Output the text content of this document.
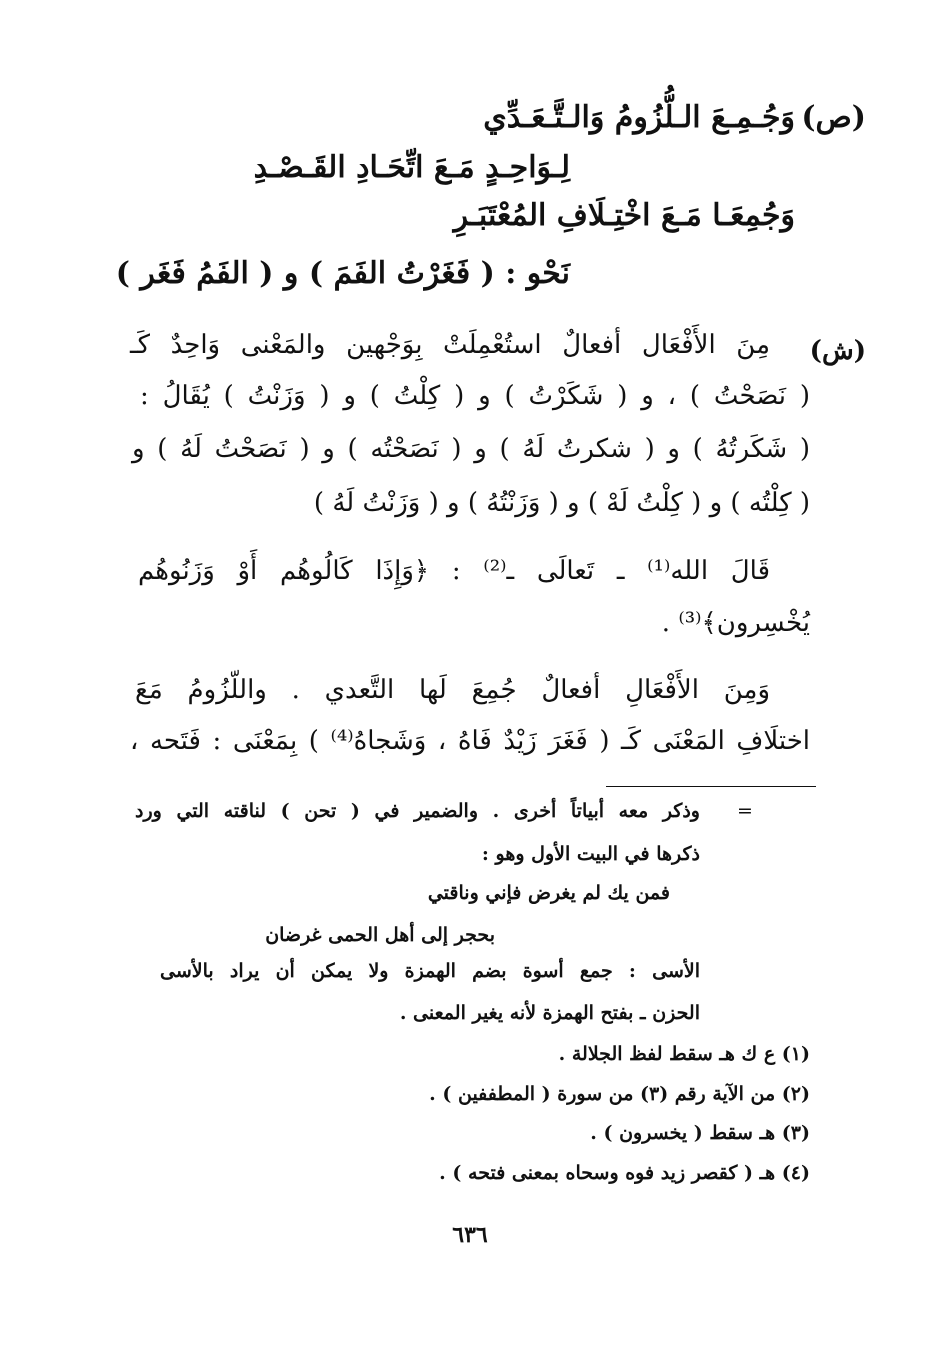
(ص)
وَجُـمِـعَ الـلُّزُومُ وَالـتَّـعَـدِّي
لِـوَاحِـدٍ مَـعَ اتِّحَـادِ القَـصْـدِ
وَجُمِعَـا مَـعَ اخْتِـلَافِ المُعْتَبَـرِ
نَحْو : ( فَغَرْتُ الفَمَ ) و ( الفَمُ فَغَر )
(ش)
مِنَ الأَفْعَال أفعالٌ استُعْمِلَتْ بِوَجْهين والمَعْنى وَاحِدٌ كَـ
( نَصَحْتُ ) ، و ( شَكَرْتُ ) و ( كِلْتُ ) و ( وَزَنْتُ ) يُقَالُ :
( شَكَرتُهُ ) و ( شكرتُ لَهُ ) و ( نَصَحْتُه ) و ( نَصَحْتُ لَهُ ) و
( كِلْتُه ) و ( كِلْتُ لَهْ ) و ( وَزَنْتُهُ ) و ( وَزَنْتُ لَهُ )
قَالَ الله⁽¹⁾ ـ تَعالَى ـ⁽²⁾ : ﴿وَإِذَا كَالُوهُم أَوْ وَزَنُوهُم
يُخْسِرون﴾⁽³⁾ .
وَمِنَ الأَفْعَالِ أفعالٌ جُمِعَ لَها التَّعدي . واللّزُومُ مَعَ
اختلَافِ المَعْنَى كَـ ( فَغَرَ زَيْدٌ فَاهُ ، وَشَجاهُ⁽⁴⁾ ) بِمَعْنَى : فَتَحه ،
=
وذكر معه أبياتاً أخرى . والضمير في ( تحن ) لناقته التي ورد
ذكرها في البيت الأول وهو :
فمن يك لم يغرض فإني وناقتي
بحجر إلى أهل الحمى غرضان
الأسى : جمع أسوة بضم الهمزة ولا يمكن أن يراد بالأسى
الحزن ـ بفتح الهمزة لأنه يغير المعنى .
(١) ع ك هـ سقط لفظ الجلالة .
(٢) من الآية رقم (٣) من سورة ( المطففين ) .
(٣) هـ سقط ( يخسرون ) .
(٤) هـ ( كقصر زيد فوه وسحاه بمعنى فتحه ) .
٦٣٦
